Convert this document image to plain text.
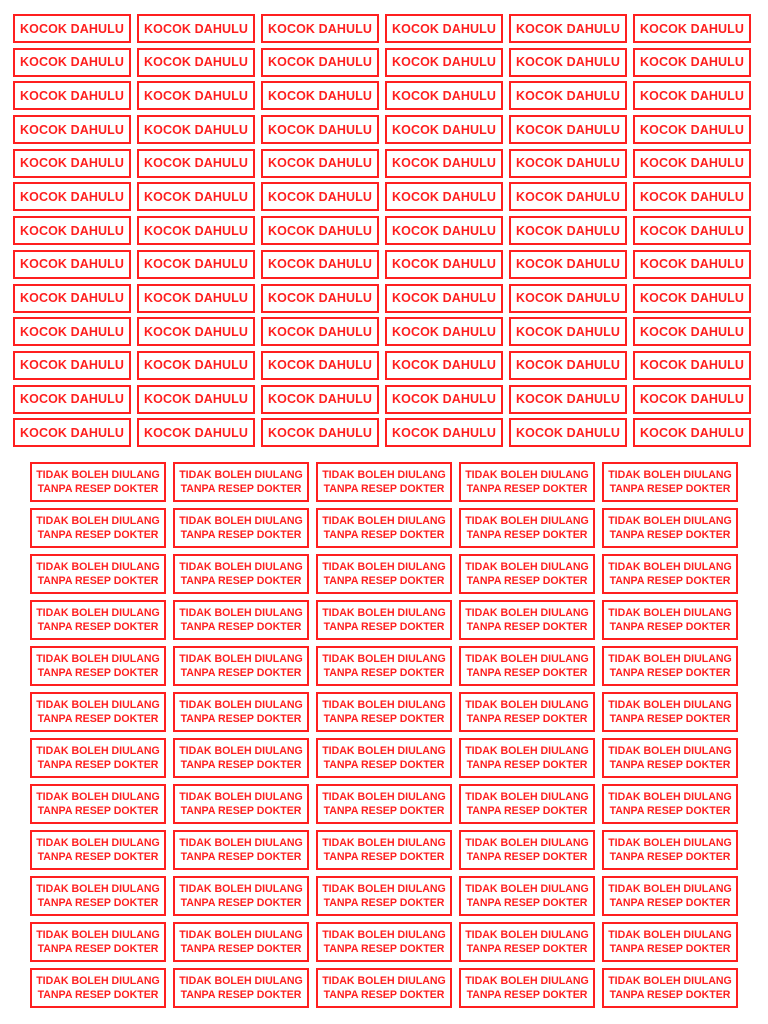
KOCOK DAHULU	KOCOK DAHULU	KOCOK DAHULU	KOCOK DAHULU	KOCOK DAHULU	KOCOK DAHULU
KOCOK DAHULU	KOCOK DAHULU	KOCOK DAHULU	KOCOK DAHULU	KOCOK DAHULU	KOCOK DAHULU
KOCOK DAHULU	KOCOK DAHULU	KOCOK DAHULU	KOCOK DAHULU	KOCOK DAHULU	KOCOK DAHULU
KOCOK DAHULU	KOCOK DAHULU	KOCOK DAHULU	KOCOK DAHULU	KOCOK DAHULU	KOCOK DAHULU
KOCOK DAHULU	KOCOK DAHULU	KOCOK DAHULU	KOCOK DAHULU	KOCOK DAHULU	KOCOK DAHULU
KOCOK DAHULU	KOCOK DAHULU	KOCOK DAHULU	KOCOK DAHULU	KOCOK DAHULU	KOCOK DAHULU
KOCOK DAHULU	KOCOK DAHULU	KOCOK DAHULU	KOCOK DAHULU	KOCOK DAHULU	KOCOK DAHULU
KOCOK DAHULU	KOCOK DAHULU	KOCOK DAHULU	KOCOK DAHULU	KOCOK DAHULU	KOCOK DAHULU
KOCOK DAHULU	KOCOK DAHULU	KOCOK DAHULU	KOCOK DAHULU	KOCOK DAHULU	KOCOK DAHULU
KOCOK DAHULU	KOCOK DAHULU	KOCOK DAHULU	KOCOK DAHULU	KOCOK DAHULU	KOCOK DAHULU
KOCOK DAHULU	KOCOK DAHULU	KOCOK DAHULU	KOCOK DAHULU	KOCOK DAHULU	KOCOK DAHULU
KOCOK DAHULU	KOCOK DAHULU	KOCOK DAHULU	KOCOK DAHULU	KOCOK DAHULU	KOCOK DAHULU
KOCOK DAHULU	KOCOK DAHULU	KOCOK DAHULU	KOCOK DAHULU	KOCOK DAHULU	KOCOK DAHULU
TIDAK BOLEH DIULANG
TANPA RESEP DOKTER
TIDAK BOLEH DIULANG
TANPA RESEP DOKTER
TIDAK BOLEH DIULANG
TANPA RESEP DOKTER
TIDAK BOLEH DIULANG
TANPA RESEP DOKTER
TIDAK BOLEH DIULANG
TANPA RESEP DOKTER
TIDAK BOLEH DIULANG
TANPA RESEP DOKTER
TIDAK BOLEH DIULANG
TANPA RESEP DOKTER
TIDAK BOLEH DIULANG
TANPA RESEP DOKTER
TIDAK BOLEH DIULANG
TANPA RESEP DOKTER
TIDAK BOLEH DIULANG
TANPA RESEP DOKTER
TIDAK BOLEH DIULANG
TANPA RESEP DOKTER
TIDAK BOLEH DIULANG
TANPA RESEP DOKTER
TIDAK BOLEH DIULANG
TANPA RESEP DOKTER
TIDAK BOLEH DIULANG
TANPA RESEP DOKTER
TIDAK BOLEH DIULANG
TANPA RESEP DOKTER
TIDAK BOLEH DIULANG
TANPA RESEP DOKTER
TIDAK BOLEH DIULANG
TANPA RESEP DOKTER
TIDAK BOLEH DIULANG
TANPA RESEP DOKTER
TIDAK BOLEH DIULANG
TANPA RESEP DOKTER
TIDAK BOLEH DIULANG
TANPA RESEP DOKTER
TIDAK BOLEH DIULANG
TANPA RESEP DOKTER
TIDAK BOLEH DIULANG
TANPA RESEP DOKTER
TIDAK BOLEH DIULANG
TANPA RESEP DOKTER
TIDAK BOLEH DIULANG
TANPA RESEP DOKTER
TIDAK BOLEH DIULANG
TANPA RESEP DOKTER
TIDAK BOLEH DIULANG
TANPA RESEP DOKTER
TIDAK BOLEH DIULANG
TANPA RESEP DOKTER
TIDAK BOLEH DIULANG
TANPA RESEP DOKTER
TIDAK BOLEH DIULANG
TANPA RESEP DOKTER
TIDAK BOLEH DIULANG
TANPA RESEP DOKTER
TIDAK BOLEH DIULANG
TANPA RESEP DOKTER
TIDAK BOLEH DIULANG
TANPA RESEP DOKTER
TIDAK BOLEH DIULANG
TANPA RESEP DOKTER
TIDAK BOLEH DIULANG
TANPA RESEP DOKTER
TIDAK BOLEH DIULANG
TANPA RESEP DOKTER
TIDAK BOLEH DIULANG
TANPA RESEP DOKTER
TIDAK BOLEH DIULANG
TANPA RESEP DOKTER
TIDAK BOLEH DIULANG
TANPA RESEP DOKTER
TIDAK BOLEH DIULANG
TANPA RESEP DOKTER
TIDAK BOLEH DIULANG
TANPA RESEP DOKTER
TIDAK BOLEH DIULANG
TANPA RESEP DOKTER
TIDAK BOLEH DIULANG
TANPA RESEP DOKTER
TIDAK BOLEH DIULANG
TANPA RESEP DOKTER
TIDAK BOLEH DIULANG
TANPA RESEP DOKTER
TIDAK BOLEH DIULANG
TANPA RESEP DOKTER
TIDAK BOLEH DIULANG
TANPA RESEP DOKTER
TIDAK BOLEH DIULANG
TANPA RESEP DOKTER
TIDAK BOLEH DIULANG
TANPA RESEP DOKTER
TIDAK BOLEH DIULANG
TANPA RESEP DOKTER
TIDAK BOLEH DIULANG
TANPA RESEP DOKTER
TIDAK BOLEH DIULANG
TANPA RESEP DOKTER
TIDAK BOLEH DIULANG
TANPA RESEP DOKTER
TIDAK BOLEH DIULANG
TANPA RESEP DOKTER
TIDAK BOLEH DIULANG
TANPA RESEP DOKTER
TIDAK BOLEH DIULANG
TANPA RESEP DOKTER
TIDAK BOLEH DIULANG
TANPA RESEP DOKTER
TIDAK BOLEH DIULANG
TANPA RESEP DOKTER
TIDAK BOLEH DIULANG
TANPA RESEP DOKTER
TIDAK BOLEH DIULANG
TANPA RESEP DOKTER
TIDAK BOLEH DIULANG
TANPA RESEP DOKTER
